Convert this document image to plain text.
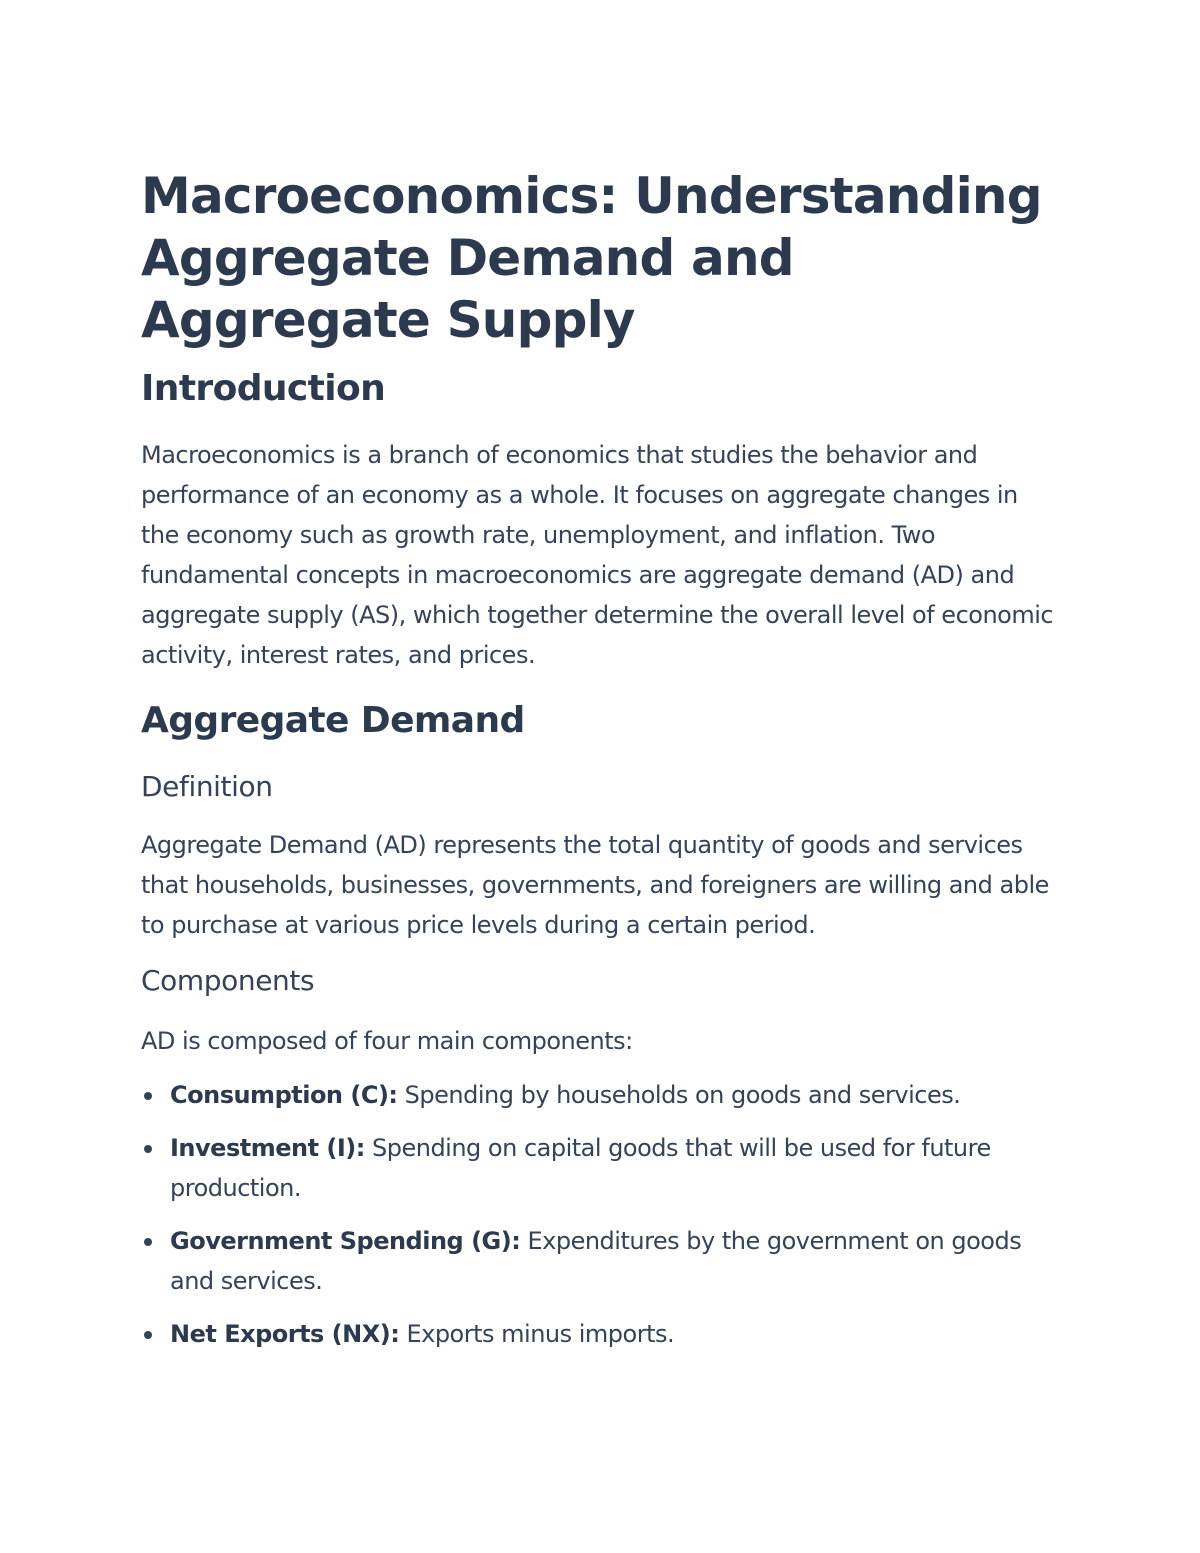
Macroeconomics: Understanding Aggregate Demand and Aggregate Supply
Introduction

Macroeconomics is a branch of economics that studies the behavior and performance of an economy as a whole. It focuses on aggregate changes in the economy such as growth rate, unemployment, and inflation. Two fundamental concepts in macroeconomics are aggregate demand (AD) and aggregate supply (AS), which together determine the overall level of economic activity, interest rates, and prices.

Aggregate Demand
Definition

Aggregate Demand (AD) represents the total quantity of goods and services that households, businesses, governments, and foreigners are willing and able to purchase at various price levels during a certain period.

Components

AD is composed of four main components:

Consumption (C): Spending by households on goods and services.
Investment (I): Spending on capital goods that will be used for future production.
Government Spending (G): Expenditures by the government on goods and services.
Net Exports (NX): Exports minus imports.
